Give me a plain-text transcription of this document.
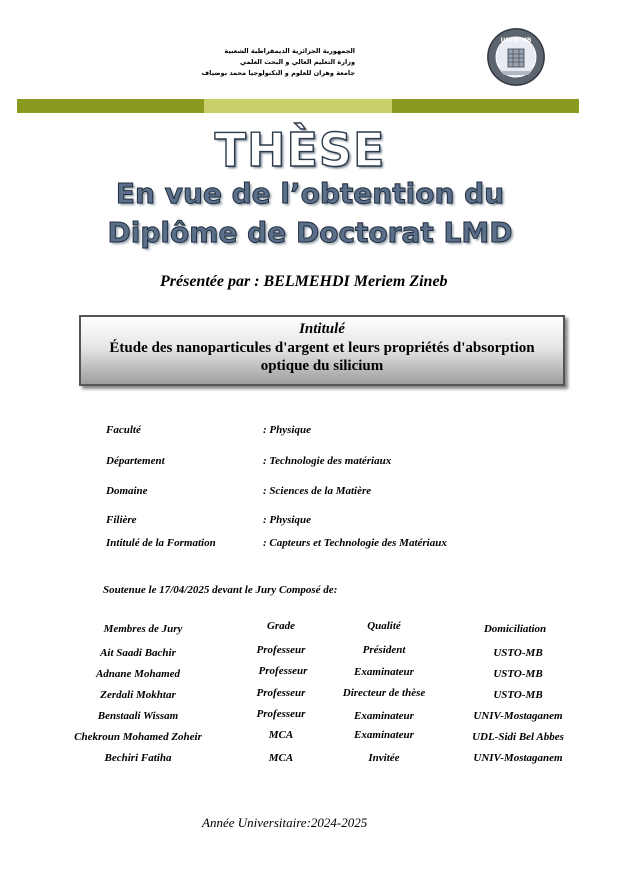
الجمهورية الجزائرية الديمقراطية الشعبية
وزارة التعليم العالي و البحث العلمي
جامعة وهران للعلوم و التكنولوجيا محمد بوضياف
USTO MB
THÈSE
En vue de l’obtention du
Diplôme de Doctorat LMD
Présentée par : BELMEHDI Meriem Zineb
Intitulé
Étude des nanoparticules d'argent et leurs propriétés d'absorption
optique du silicium
Faculté	: Physique
Département	: Technologie des matériaux
Domaine	: Sciences de la Matière
Filière	: Physique
Intitulé de la Formation	: Capteurs et Technologie des Matériaux
Soutenue le 17/04/2025 devant le Jury Composé de:
Membres de Jury	Grade	Qualité	Domiciliation
Ait Saadi Bachir	Professeur	Président	USTO-MB
Adnane Mohamed	Professeur	Examinateur	USTO-MB
Zerdali Mokhtar	Professeur	Directeur de thèse	USTO-MB
Benstaali Wissam	Professeur	Examinateur	UNIV-Mostaganem
Chekroun Mohamed Zoheir	MCA	Examinateur	UDL-Sidi Bel Abbes
Bechiri Fatiha	MCA	Invitée	UNIV-Mostaganem
Année Universitaire:2024-2025
